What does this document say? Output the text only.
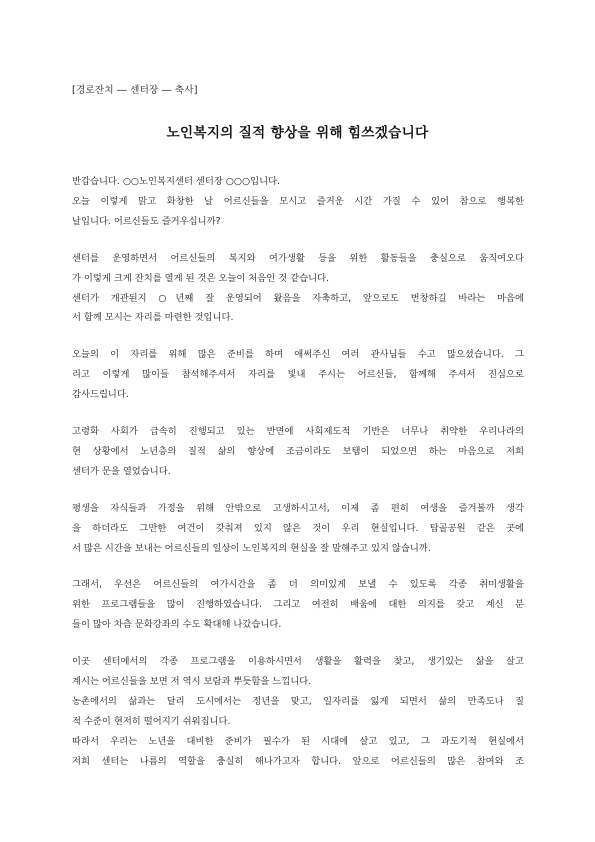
[경로잔치 ― 센터장 ― 축사]
노인복지의 질적 향상을 위해 힘쓰겠습니다
반갑습니다. ○○노인복지센터 센터장 ○○○입니다.
오늘 이렇게 맑고 화창한 날 어르신들을 모시고 즐거운 시간 가질 수 있어 참으로 행복한
날입니다. 어르신들도 즐거우십니까?
센터를 운영하면서 어르신들의 복지와 여가생활 등을 위한 활동들을 충실으로 움직여오다
가 이렇게 크게 잔치를 열게 된 것은 오늘이 처음인 것 같습니다.
센터가 개관된지 ○년째 잘 운영되어 왔음을 자축하고, 앞으로도 번창하길 바라는 마음에
서 함께 모시는 자리를 마련한 것입니다.
오늘의 이 자리를 위해 많은 준비를 하며 애써주신 여러 관사님들 수고 많으셨습니다. 그
리고 이렇게 많이들 참석해주셔서 자리를 빛내 주시는 어르신들, 함께해 주셔서 진심으로
감사드립니다.
고령화 사회가 급속히 진행되고 있는 반면에 사회제도적 기반은 너무나 취약한 우리나라의
현 상황에서 노년층의 질적 삶의 향상에 조금이라도 보탬이 되었으면 하는 마음으로 저희
센터가 문을 열었습니다.
평생을 자식들과 가정을 위해 안밖으로 고생하시고서, 이제 좀 편히 여생을 즐겨볼까 생각
을 하더라도 그만한 여건이 갖춰져 있지 않은 것이 우리 현실입니다. 탑골공원 같은 곳에
서 많은 시간을 보내는 어르신들의 일상이 노인복지의 현실을 잘 말해주고 있지 않습니까.
그래서, 우선은 어르신들의 여가시간을 좀 더 의미있게 보낼 수 있도록 각종 취미생활을
위한 프로그램들을 많이 진행하였습니다. 그리고 여전히 배움에 대한 의지를 갖고 계신 분
들이 많아 차츰 문화강좌의 수도 확대해 나갔습니다.
이곳 센터에서의 각종 프로그램을 이용하시면서 생활을 활력을 찾고, 생기있는 삶을 살고
계시는 어르신들을 보면 저 역시 보람과 뿌듯함을 느낍니다.
농촌에서의 삶과는 달리 도시에서는 정년을 맞고, 일자리를 잃게 되면서 삶의 만족도나 질
적 수준이 현저히 떨어지기 쉬워집니다.
따라서 우리는 노년을 대비한 준비가 필수가 된 시대에 살고 있고, 그 과도기적 현실에서
저희 센터는 나름의 역할을 충실히 해나가고자 합니다. 앞으로 어르신들의 많은 참여와 조
